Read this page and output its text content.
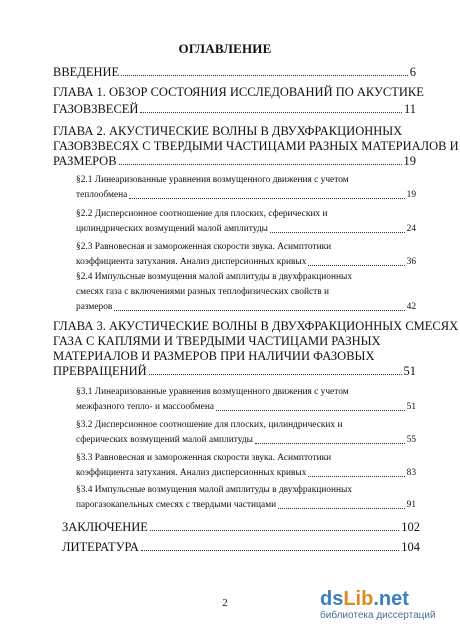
ОГЛАВЛЕНИЕ
ВВЕДЕНИЕ	6
ГЛАВА 1. ОБЗОР СОСТОЯНИЯ ИССЛЕДОВАНИЙ ПО АКУСТИКЕ
ГАЗОВЗВЕСЕЙ	11
ГЛАВА 2. АКУСТИЧЕСКИЕ ВОЛНЫ В ДВУХФРАКЦИОННЫХ
ГАЗОВЗВЕСЯХ С ТВЕРДЫМИ ЧАСТИЦАМИ РАЗНЫХ МАТЕРИАЛОВ И
РАЗМЕРОВ	19
§2.1 Линеаризованные уравнения возмущенного движения с учетом
теплообмена	19
§2.2 Дисперсионное соотношение для плоских, сферических и
цилиндрических возмущений малой амплитуды	24
§2.3 Равновесная и замороженная скорости звука. Асимптотики
коэффициента затухания. Анализ дисперсионных кривых	36
§2.4 Импульсные возмущения малой амплитуды в двухфракционных
смесях газа с включениями разных теплофизических свойств и
размеров	42
ГЛАВА 3. АКУСТИЧЕСКИЕ ВОЛНЫ В ДВУХФРАКЦИОННЫХ СМЕСЯХ
ГАЗА С КАПЛЯМИ И ТВЕРДЫМИ ЧАСТИЦАМИ РАЗНЫХ
МАТЕРИАЛОВ И РАЗМЕРОВ ПРИ НАЛИЧИИ ФАЗОВЫХ
ПРЕВРАЩЕНИЙ	51
§3.1 Линеаризованные уравнения возмущенного движения с учетом
межфазного тепло- и массообмена	51
§3.2 Дисперсионное соотношение для плоских, цилиндрических и
сферических возмущений малой амплитуды	55
§3.3 Равновесная и замороженная скорости звука. Асимптотики
коэффициента затухания. Анализ дисперсионных кривых	83
§3.4 Импульсные возмущения малой амплитуды в двухфракционных
парогазокапельных смесях с твердыми частицами	91
ЗАКЛЮЧЕНИЕ	102
ЛИТЕРАТУРА	104
2	dsLib.net
библиотека диссертаций
